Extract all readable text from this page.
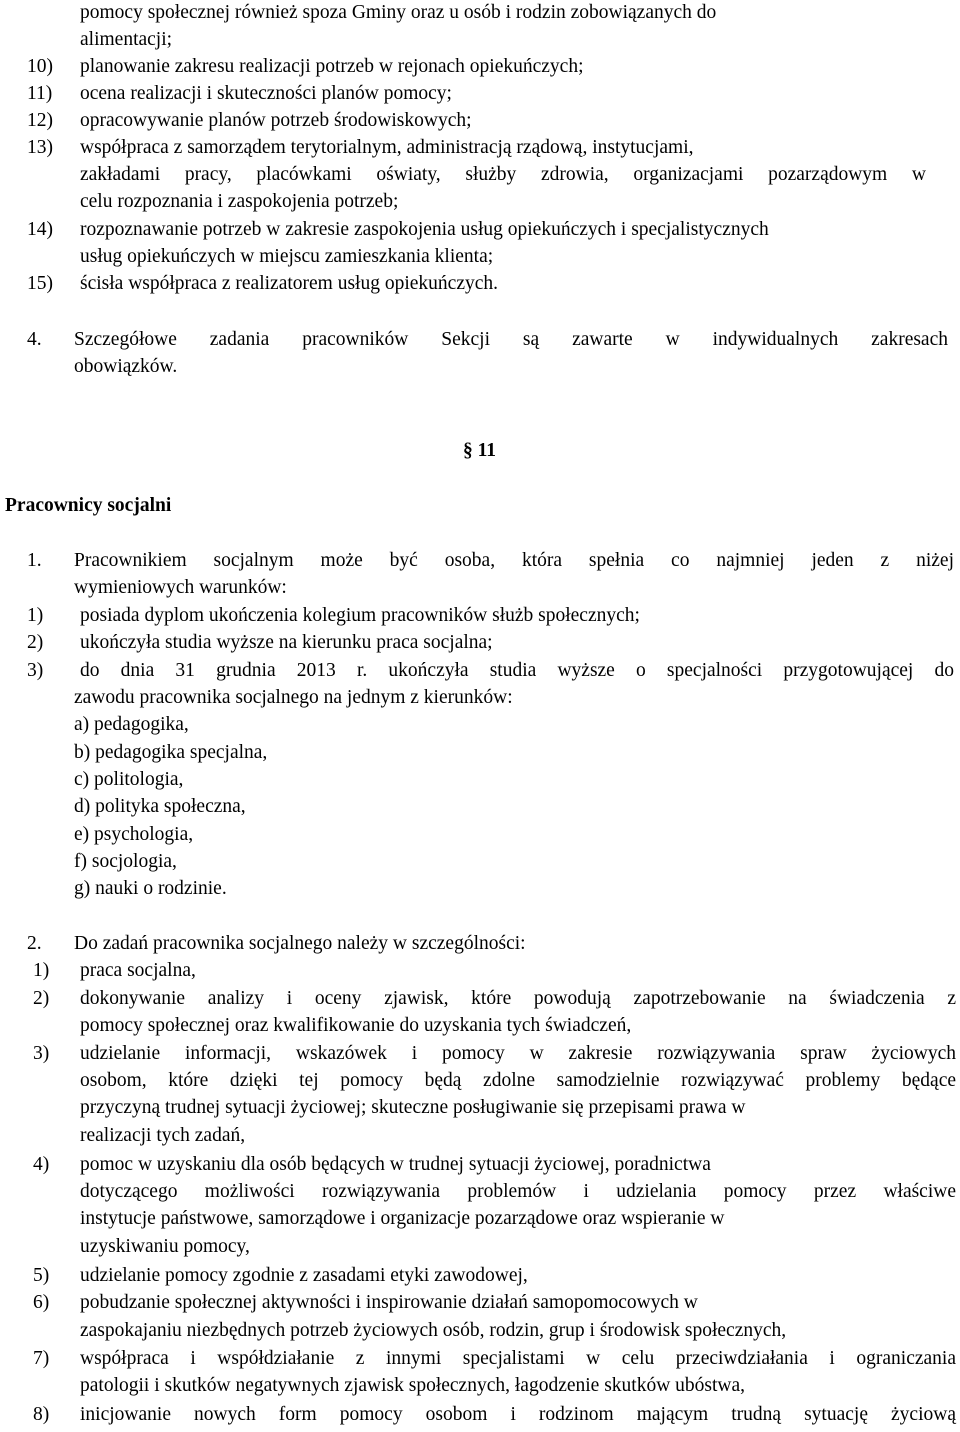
pomocy społecznej również spoza Gminy oraz u osób i rodzin zobowiązanych do
alimentacji;
10) planowanie zakresu realizacji potrzeb w rejonach opiekuńczych;
11) ocena realizacji i skuteczności planów pomocy;
12) opracowywanie planów potrzeb środowiskowych;
13) współpraca z samorządem terytorialnym, administracją rządową, instytucjami,
zakładami pracy, placówkami oświaty, służby zdrowia, organizacjami pozarządowym w
celu rozpoznania i zaspokojenia potrzeb;
14) rozpoznawanie potrzeb w zakresie zaspokojenia usług opiekuńczych i specjalistycznych
usług opiekuńczych w miejscu zamieszkania klienta;
15) ścisła współpraca z realizatorem usług opiekuńczych.
4. Szczegółowe zadania pracowników Sekcji są zawarte w indywidualnych zakresach
obowiązków.
§ 11
Pracownicy socjalni
1. Pracownikiem socjalnym może być osoba, która spełnia co najmniej jeden z niżej
wymieniowych warunków:
1) posiada dyplom ukończenia kolegium pracowników służb społecznych;
2) ukończyła studia wyższe na kierunku praca socjalna;
3) do dnia 31 grudnia 2013 r. ukończyła studia wyższe o specjalności przygotowującej do
zawodu pracownika socjalnego na jednym z kierunków:
a) pedagogika,
b) pedagogika specjalna,
c) politologia,
d) polityka społeczna,
e) psychologia,
f) socjologia,
g) nauki o rodzinie.
2. Do zadań pracownika socjalnego należy w szczególności:
1) praca socjalna,
2) dokonywanie analizy i oceny zjawisk, które powodują zapotrzebowanie na świadczenia z
pomocy społecznej oraz kwalifikowanie do uzyskania tych świadczeń,
3) udzielanie informacji, wskazówek i pomocy w zakresie rozwiązywania spraw życiowych
osobom, które dzięki tej pomocy będą zdolne samodzielnie rozwiązywać problemy będące
przyczyną trudnej sytuacji życiowej; skuteczne posługiwanie się przepisami prawa w
realizacji tych zadań,
4) pomoc w uzyskaniu dla osób będących w trudnej sytuacji życiowej, poradnictwa
dotyczącego możliwości rozwiązywania problemów i udzielania pomocy przez właściwe
instytucje państwowe, samorządowe i organizacje pozarządowe oraz wspieranie w
uzyskiwaniu pomocy,
5) udzielanie pomocy zgodnie z zasadami etyki zawodowej,
6) pobudzanie społecznej aktywności i inspirowanie działań samopomocowych w
zaspokajaniu niezbędnych potrzeb życiowych osób, rodzin, grup i środowisk społecznych,
7) współpraca i współdziałanie z innymi specjalistami w celu przeciwdziałania i ograniczania
patologii i skutków negatywnych zjawisk społecznych, łagodzenie skutków ubóstwa,
8) inicjowanie nowych form pomocy osobom i rodzinom mającym trudną sytuację życiową
